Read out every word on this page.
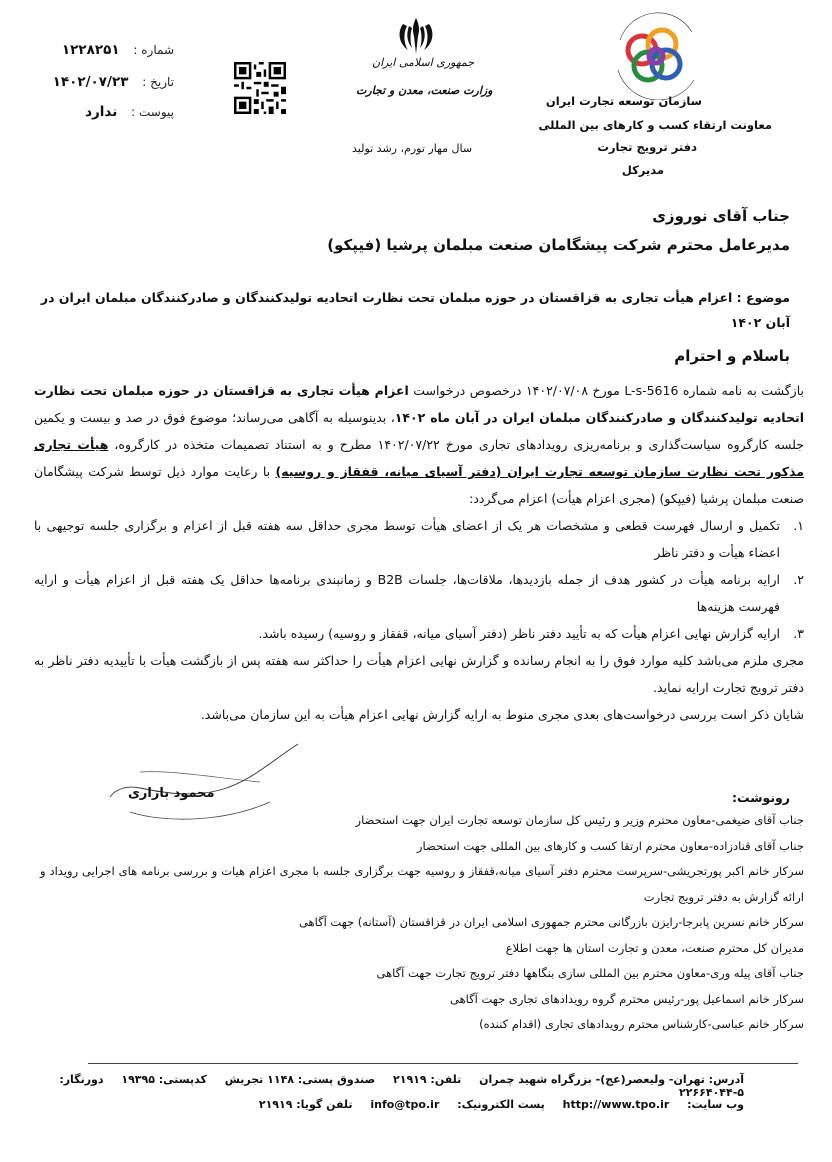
سازمان توسعه تجارت ایران
معاونت ارتقاء کسب و کارهای بین المللی
دفتر ترویج تجارت
مدیرکل
جمهوری اسلامی ایران
وزارت صنعت، معدن و تجارت
سال مهار تورم، رشد تولید
شماره : ۱۲۲۸۲۵۱
تاریخ : ۱۴۰۲/۰۷/۲۳
پیوست : ندارد
جناب آقای نوروزی
مدیرعامل محترم شرکت پیشگامان صنعت مبلمان پرشیا (فیپکو)
موضوع : اعزام هیأت تجاری به قزاقستان در حوزه مبلمان تحت نظارت اتحادیه تولیدکنندگان و صادرکنندگان مبلمان ایران در آبان ۱۴۰۲
باسلام و احترام
بازگشت به نامه شماره L-s-5616 مورخ ۱۴۰۲/۰۷/۰۸ درخصوص درخواست اعزام هیأت تجاری به قزاقستان در حوزه مبلمان تحت نظارت اتحادیه تولیدکنندگان و صادرکنندگان مبلمان ایران در آبان ماه ۱۴۰۲، بدینوسیله به آگاهی می‌رساند؛ موضوع فوق در صد و بیست و یکمین جلسه کارگروه سیاست‌گذاری و برنامه‌ریزی رویدادهای تجاری مورخ ۱۴۰۲/۰۷/۲۲ مطرح و به استناد تصمیمات متخذه در کارگروه، هیأت تجاری مذکور تحت نظارت سازمان توسعه تجارت ایران (دفتر آسیای میانه، قفقاز و روسیه) با رعایت موارد ذیل توسط شرکت پیشگامان صنعت مبلمان پرشیا (فیپکو) (مجری اعزام هیأت) اعزام می‌گردد:
۱.
تکمیل و ارسال فهرست قطعی و مشخصات هر یک از اعضای هیأت توسط مجری حداقل سه هفته قبل از اعزام و برگزاری جلسه توجیهی با اعضاء هیأت و دفتر ناظر
۲.
ارایه برنامه هیأت در کشور هدف از جمله بازدیدها، ملاقات‌ها، جلسات B2B و زمانبندی برنامه‌ها حداقل یک هفته قبل از اعزام هیأت و ارایه فهرست هزینه‌ها
۳.
ارایه گزارش نهایی اعزام هیأت که به تأیید دفتر ناظر (دفتر آسیای میانه، قفقاز و روسیه) رسیده باشد.
مجری ملزم می‌باشد کلیه موارد فوق را به انجام رسانده و گزارش نهایی اعزام هیأت را حداکثر سه هفته پس از بازگشت هیأت با تأییدیه دفتر ناظر به دفتر ترویج تجارت ارایه نماید.
شایان ذکر است بررسی درخواست‌های بعدی مجری منوط به ارایه گزارش نهایی اعزام هیأت به این سازمان می‌باشد.
محمود بازاری	رونوشت:
جناب آقای ضیغمی-معاون محترم وزیر و رئیس کل سازمان توسعه تجارت ایران جهت استحضار
جناب آقای قنادزاده-معاون محترم ارتقا کسب و کارهای بین المللی جهت استحضار
سرکار خانم اکبر پورتجریشی-سرپرست محترم دفتر آسیای میانه،قفقاز و روسیه جهت برگزاری جلسه با مجری اعزام هیات و بررسی برنامه های اجرایی رویداد و ارائه گزارش به دفتر ترویج تجارت
سرکار خانم نسرین پابرجا-رایزن بازرگانی محترم جمهوری اسلامی ایران در قزاقستان (آستانه) جهت آگاهی
مدیران کل محترم صنعت، معدن و تجارت استان ها جهت اطلاع
جناب آقای پیله وری-معاون محترم بین المللی سازی بنگاهها دفتر ترویج تجارت جهت آگاهی
سرکار خانم اسماعیل پور-رئیس محترم گروه رویدادهای تجاری جهت آگاهی
سرکار خانم عباسی-کارشناس محترم رویدادهای تجاری (اقدام کننده)
آدرس: تهران- ولیعصر(عج)- بزرگراه شهید چمران تلفن: ۲۱۹۱۹ صندوق پستی: ۱۱۴۸ تجریش کدپستی: ۱۹۳۹۵ دورنگار: ۵-۲۲۶۶۴۰۴۴
وب سایت: http://www.tpo.ir پست الکترونیک: info@tpo.ir تلفن گویا: ۲۱۹۱۹
